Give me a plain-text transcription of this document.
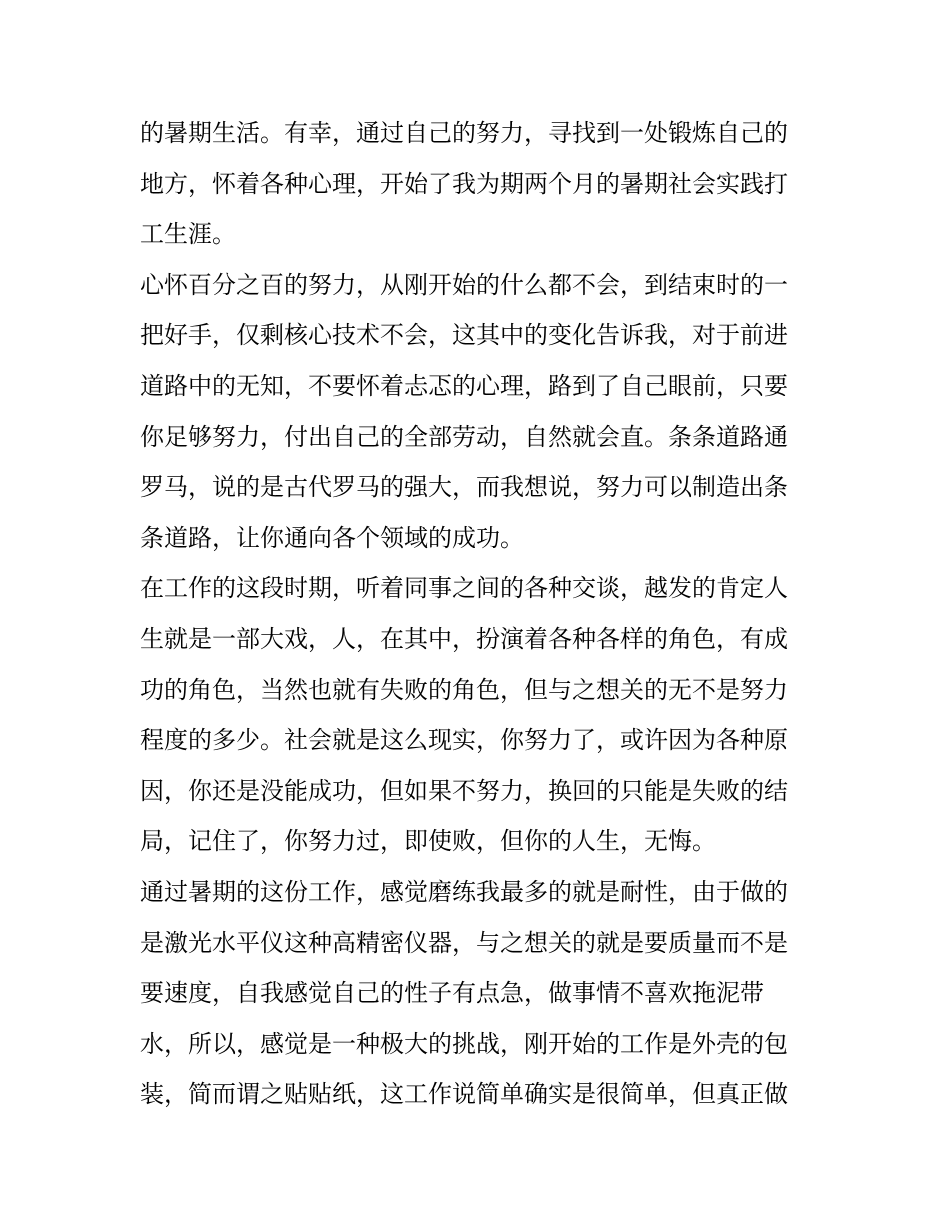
的暑期生活。有幸，通过自己的努力，寻找到一处锻炼自己的
地方，怀着各种心理，开始了我为期两个月的暑期社会实践打
工生涯。
心怀百分之百的努力，从刚开始的什么都不会，到结束时的一
把好手，仅剩核心技术不会，这其中的变化告诉我，对于前进
道路中的无知，不要怀着忐忑的心理，路到了自己眼前，只要
你足够努力，付出自己的全部劳动，自然就会直。条条道路通
罗马，说的是古代罗马的强大，而我想说，努力可以制造出条
条道路，让你通向各个领域的成功。
在工作的这段时期，听着同事之间的各种交谈，越发的肯定人
生就是一部大戏，人，在其中，扮演着各种各样的角色，有成
功的角色，当然也就有失败的角色，但与之想关的无不是努力
程度的多少。社会就是这么现实，你努力了，或许因为各种原
因，你还是没能成功，但如果不努力，换回的只能是失败的结
局，记住了，你努力过，即使败，但你的人生，无悔。
通过暑期的这份工作，感觉磨练我最多的就是耐性，由于做的
是激光水平仪这种高精密仪器，与之想关的就是要质量而不是
要速度，自我感觉自己的性子有点急，做事情不喜欢拖泥带
水，所以，感觉是一种极大的挑战，刚开始的工作是外壳的包
装，简而谓之贴贴纸，这工作说简单确实是很简单，但真正做
